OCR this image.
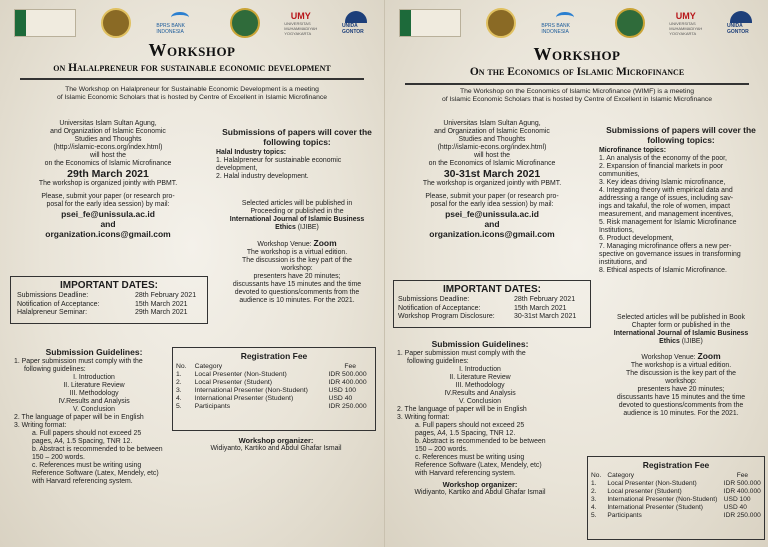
BPRS BANK INDONESIA
UMY
UNIVERSITAS MUHAMMADIYAH YOGYAKARTA
UNIDA GONTOR
Workshop
on Halalpreneur for sustainable economic development
The Workshop on Halalpreneur for Sustainable Economic Development is a meeting
of Islamic Economic Scholars that is hosted by Centre of Excellent in Islamic Microfinance
Universitas Islam Sultan Agung,
and Organization of Islamic Economic
Studies and Thoughts
(http://islamic-econs.org/index.html)
will host the
on the Economics of Islamic Microfinance
29th March 2021
The workshop is organized jointly with PBMT.
Please, submit your paper (or research pro-
posal for the early idea session) by mail:
psei_fe@unissula.ac.id
and
organization.icons@gmail.com
IMPORTANT DATES:
Submissions Deadline:	28th February 2021
Notification of Acceptance:	15th March 2021
Halalpreneur Seminar:	29th March 2021
Submissions of papers will cover the
following topics:
Halal Industry topics:
1. Halalpreneur for sustainable economic
development,
2. Halal industry development.
Selected articles will be published in
Proceeding or published in the
International Journal of Islamic Business
Ethics (IJIBE)
Workshop Venue: Zoom
The workshop is a virtual edition.
The discussion is the key part of the
workshop:
presenters have 20 minutes;
discussants have 15 minutes and the time
devoted to questions/comments from the
audience is 10 minutes. For the 2021.
Submission Guidelines:
1. Paper submission must comply with the
following guidelines:
I. Introduction
II. Literature Review
III. Methodology
IV.Results and Analysis
V. Conclusion
2. The language of paper will be in English
3. Writing format:
a. Full papers should not exceed 25
pages, A4, 1.5 Spacing, TNR 12.
b. Abstract is recommended to be between
150 – 200 words.
c. References must be writing using
Reference Software (Latex, Mendely, etc)
with Harvard referencing system.
Registration Fee
No.	Category	Fee
1.	Local Presenter (Non-Student)	IDR 500.000
2.	Local Presenter (Student)	IDR 400.000
3.	International Presenter (Non-Student)	USD 100
4.	International Presenter (Student)	USD 40
5.	Participants	IDR 250.000
Workshop organizer:
Widiyanto, Kartiko and Abdul Ghafar Ismail
BPRS BANK INDONESIA
UMY
UNIVERSITAS MUHAMMADIYAH YOGYAKARTA
UNIDA GONTOR
Workshop
On the Economics of Islamic Microfinance
The Workshop on the Economics of Islamic Microfinance (WIMF) is a meeting
of Islamic Economic Scholars that is hosted by Centre of Excellent in Islamic Microfinance
Universitas Islam Sultan Agung,
and Organization of Islamic Economic
Studies and Thoughts
(http://islamic-econs.org/index.html)
will host the
on the Economics of Islamic Microfinance
30-31st March 2021
The workshop is organized jointly with PBMT.
Please, submit your paper (or research pro-
posal for the early idea session) by mail:
psei_fe@unissula.ac.id
and
organization.icons@gmail.com
IMPORTANT DATES:
Submissions Deadline:	28th February 2021
Notification of Acceptance:	15th March 2021
Workshop Program Disclosure:	30-31st March 2021
Submissions of papers will cover the
following topics:
Microfinance topics:
1. An analysis of the economy of the poor,
2. Expansion of financial markets in poor
communities,
3. Key ideas driving Islamic microfinance,
4. Integrating theory with empirical data and
addressing a range of issues, including sav-
ings and takaful, the role of women, impact
measurement, and management incentives,
5. Risk management for Islamic Microfinance
Institutions,
6. Product development,
7. Managing microfinance offers a new per-
spective on governance issues in transforming
institutions, and
8. Ethical aspects of Islamic Microfinance.
Selected articles will be published in Book
Chapter form or published in the
International Journal of Islamic Business
Ethics (IJIBE)
Workshop Venue: Zoom
The workshop is a virtual edition.
The discussion is the key part of the
workshop:
presenters have 20 minutes;
discussants have 15 minutes and the time
devoted to questions/comments from the
audience is 10 minutes. For the 2021.
Submission Guidelines:
1. Paper submission must comply with the
following guidelines:
I. Introduction
II. Literature Review
III. Methodology
IV.Results and Analysis
V. Conclusion
2. The language of paper will be in English
3. Writing format:
a. Full papers should not exceed 25
pages, A4, 1.5 Spacing, TNR 12.
b. Abstract is recommended to be between
150 – 200 words.
c. References must be writing using
Reference Software (Latex, Mendely, etc)
with Harvard referencing system.
Workshop organizer:
Widiyanto, Kartiko and Abdul Ghafar Ismail
Registration Fee
No.	Category	Fee
1.	Local Presenter (Non-Student)	IDR 500.000
2.	Local presenter (Student)	IDR 400.000
3.	International Presenter (Non-Student)	USD 100
4.	International Presenter (Student)	USD 40
5.	Participants	IDR 250.000
